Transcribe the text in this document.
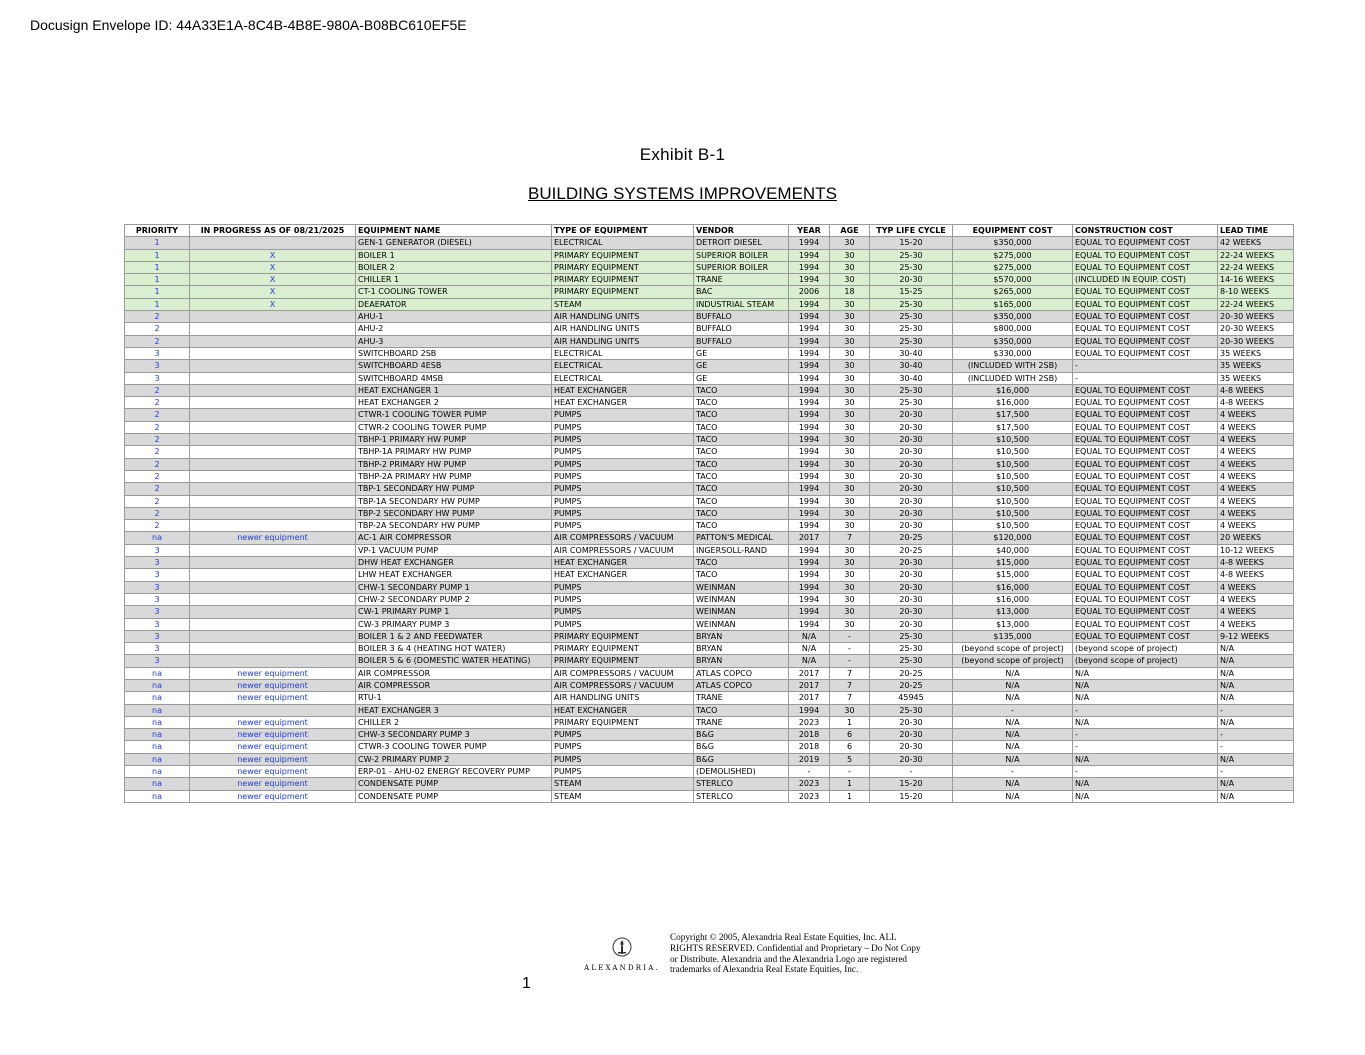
Docusign Envelope ID: 44A33E1A-8C4B-4B8E-980A-B08BC610EF5E
Exhibit B-1
BUILDING SYSTEMS IMPROVEMENTS
PRIORITY	IN PROGRESS AS OF 08/21/2025	EQUIPMENT NAME	TYPE OF EQUIPMENT	VENDOR	YEAR	AGE	TYP LIFE CYCLE	EQUIPMENT COST	CONSTRUCTION COST	LEAD TIME
1		GEN-1 GENERATOR (DIESEL)	ELECTRICAL	DETROIT DIESEL	1994	30	15-20	$350,000	EQUAL TO EQUIPMENT COST	42 WEEKS
1	X	BOILER 1	PRIMARY EQUIPMENT	SUPERIOR BOILER	1994	30	25-30	$275,000	EQUAL TO EQUIPMENT COST	22-24 WEEKS
1	X	BOILER 2	PRIMARY EQUIPMENT	SUPERIOR BOILER	1994	30	25-30	$275,000	EQUAL TO EQUIPMENT COST	22-24 WEEKS
1	X	CHILLER 1	PRIMARY EQUIPMENT	TRANE	1994	30	20-30	$570,000	(INCLUDED IN EQUIP. COST)	14-16 WEEKS
1	X	CT-1 COOLING TOWER	PRIMARY EQUIPMENT	BAC	2006	18	15-25	$265,000	EQUAL TO EQUIPMENT COST	8-10 WEEKS
1	X	DEAERATOR	STEAM	INDUSTRIAL STEAM	1994	30	25-30	$165,000	EQUAL TO EQUIPMENT COST	22-24 WEEKS
2		AHU-1	AIR HANDLING UNITS	BUFFALO	1994	30	25-30	$350,000	EQUAL TO EQUIPMENT COST	20-30 WEEKS
2		AHU-2	AIR HANDLING UNITS	BUFFALO	1994	30	25-30	$800,000	EQUAL TO EQUIPMENT COST	20-30 WEEKS
2		AHU-3	AIR HANDLING UNITS	BUFFALO	1994	30	25-30	$350,000	EQUAL TO EQUIPMENT COST	20-30 WEEKS
3		SWITCHBOARD 2SB	ELECTRICAL	GE	1994	30	30-40	$330,000	EQUAL TO EQUIPMENT COST	35 WEEKS
3		SWITCHBOARD 4ESB	ELECTRICAL	GE	1994	30	30-40	(INCLUDED WITH 2SB)	-	35 WEEKS
3		SWITCHBOARD 4MSB	ELECTRICAL	GE	1994	30	30-40	(INCLUDED WITH 2SB)	-	35 WEEKS
2		HEAT EXCHANGER 1	HEAT EXCHANGER	TACO	1994	30	25-30	$16,000	EQUAL TO EQUIPMENT COST	4-8 WEEKS
2		HEAT EXCHANGER 2	HEAT EXCHANGER	TACO	1994	30	25-30	$16,000	EQUAL TO EQUIPMENT COST	4-8 WEEKS
2		CTWR-1 COOLING TOWER PUMP	PUMPS	TACO	1994	30	20-30	$17,500	EQUAL TO EQUIPMENT COST	4 WEEKS
2		CTWR-2 COOLING TOWER PUMP	PUMPS	TACO	1994	30	20-30	$17,500	EQUAL TO EQUIPMENT COST	4 WEEKS
2		TBHP-1 PRIMARY HW PUMP	PUMPS	TACO	1994	30	20-30	$10,500	EQUAL TO EQUIPMENT COST	4 WEEKS
2		TBHP-1A PRIMARY HW PUMP	PUMPS	TACO	1994	30	20-30	$10,500	EQUAL TO EQUIPMENT COST	4 WEEKS
2		TBHP-2 PRIMARY HW PUMP	PUMPS	TACO	1994	30	20-30	$10,500	EQUAL TO EQUIPMENT COST	4 WEEKS
2		TBHP-2A PRIMARY HW PUMP	PUMPS	TACO	1994	30	20-30	$10,500	EQUAL TO EQUIPMENT COST	4 WEEKS
2		TBP-1 SECONDARY HW PUMP	PUMPS	TACO	1994	30	20-30	$10,500	EQUAL TO EQUIPMENT COST	4 WEEKS
2		TBP-1A SECONDARY HW PUMP	PUMPS	TACO	1994	30	20-30	$10,500	EQUAL TO EQUIPMENT COST	4 WEEKS
2		TBP-2 SECONDARY HW PUMP	PUMPS	TACO	1994	30	20-30	$10,500	EQUAL TO EQUIPMENT COST	4 WEEKS
2		TBP-2A SECONDARY HW PUMP	PUMPS	TACO	1994	30	20-30	$10,500	EQUAL TO EQUIPMENT COST	4 WEEKS
na	newer equipment	AC-1 AIR COMPRESSOR	AIR COMPRESSORS / VACUUM	PATTON'S MEDICAL	2017	7	20-25	$120,000	EQUAL TO EQUIPMENT COST	20 WEEKS
3		VP-1 VACUUM PUMP	AIR COMPRESSORS / VACUUM	INGERSOLL-RAND	1994	30	20-25	$40,000	EQUAL TO EQUIPMENT COST	10-12 WEEKS
3		DHW HEAT EXCHANGER	HEAT EXCHANGER	TACO	1994	30	20-30	$15,000	EQUAL TO EQUIPMENT COST	4-8 WEEKS
3		LHW HEAT EXCHANGER	HEAT EXCHANGER	TACO	1994	30	20-30	$15,000	EQUAL TO EQUIPMENT COST	4-8 WEEKS
3		CHW-1 SECONDARY PUMP 1	PUMPS	WEINMAN	1994	30	20-30	$16,000	EQUAL TO EQUIPMENT COST	4 WEEKS
3		CHW-2 SECONDARY PUMP 2	PUMPS	WEINMAN	1994	30	20-30	$16,000	EQUAL TO EQUIPMENT COST	4 WEEKS
3		CW-1 PRIMARY PUMP 1	PUMPS	WEINMAN	1994	30	20-30	$13,000	EQUAL TO EQUIPMENT COST	4 WEEKS
3		CW-3 PRIMARY PUMP 3	PUMPS	WEINMAN	1994	30	20-30	$13,000	EQUAL TO EQUIPMENT COST	4 WEEKS
3		BOILER 1 & 2 AND FEEDWATER	PRIMARY EQUIPMENT	BRYAN	N/A	-	25-30	$135,000	EQUAL TO EQUIPMENT COST	9-12 WEEKS
3		BOILER 3 & 4 (HEATING HOT WATER)	PRIMARY EQUIPMENT	BRYAN	N/A	-	25-30	(beyond scope of project)	(beyond scope of project)	N/A
3		BOILER 5 & 6 (DOMESTIC WATER HEATING)	PRIMARY EQUIPMENT	BRYAN	N/A	-	25-30	(beyond scope of project)	(beyond scope of project)	N/A
na	newer equipment	AIR COMPRESSOR	AIR COMPRESSORS / VACUUM	ATLAS COPCO	2017	7	20-25	N/A	N/A	N/A
na	newer equipment	AIR COMPRESSOR	AIR COMPRESSORS / VACUUM	ATLAS COPCO	2017	7	20-25	N/A	N/A	N/A
na	newer equipment	RTU-1	AIR HANDLING UNITS	TRANE	2017	7	45945	N/A	N/A	N/A
na		HEAT EXCHANGER 3	HEAT EXCHANGER	TACO	1994	30	25-30	-	-	-
na	newer equipment	CHILLER 2	PRIMARY EQUIPMENT	TRANE	2023	1	20-30	N/A	N/A	N/A
na	newer equipment	CHW-3 SECONDARY PUMP 3	PUMPS	B&G	2018	6	20-30	N/A	-	-
na	newer equipment	CTWR-3 COOLING TOWER PUMP	PUMPS	B&G	2018	6	20-30	N/A	-	-
na	newer equipment	CW-2 PRIMARY PUMP 2	PUMPS	B&G	2019	5	20-30	N/A	N/A	N/A
na	newer equipment	ERP-01 - AHU-02 ENERGY RECOVERY PUMP	PUMPS	(DEMOLISHED)	-	-	-	-	-	-
na	newer equipment	CONDENSATE PUMP	STEAM	STERLCO	2023	1	15-20	N/A	N/A	N/A
na	newer equipment	CONDENSATE PUMP	STEAM	STERLCO	2023	1	15-20	N/A	N/A	N/A
ALEXANDRIA.
Copyright © 2005, Alexandria Real Estate Equities, Inc. ALL RIGHTS RESERVED. Confidential and Proprietary – Do Not Copy or Distribute. Alexandria and the Alexandria Logo are registered trademarks of Alexandria Real Estate Equities, Inc.
1
